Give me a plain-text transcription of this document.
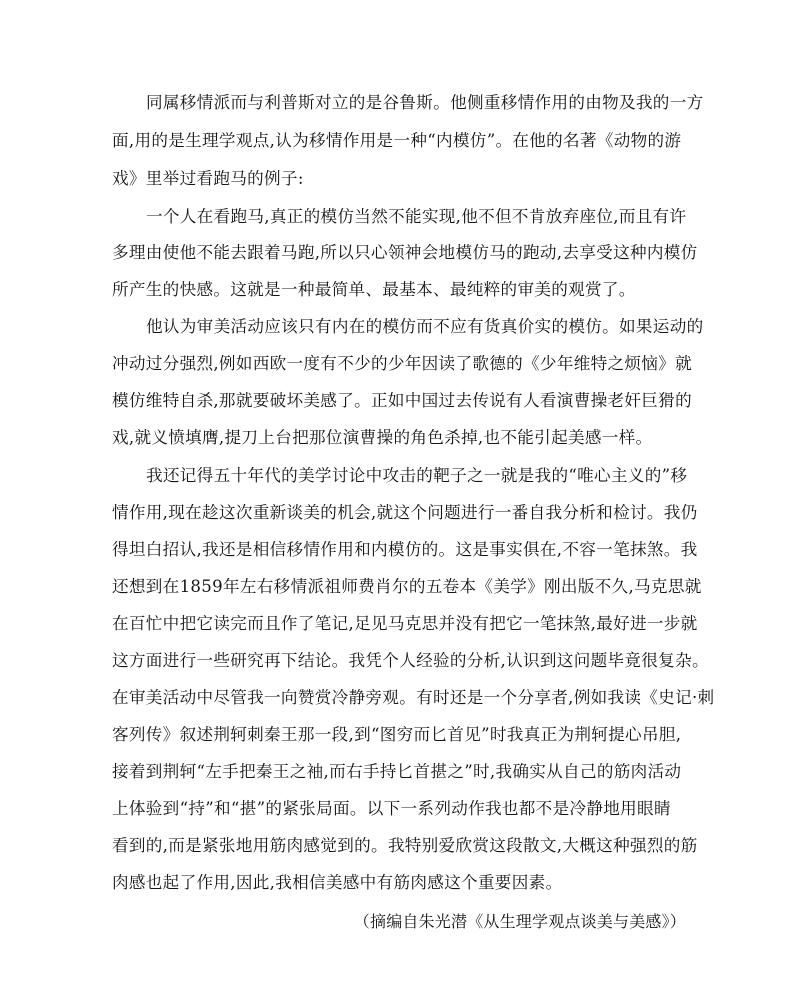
同属移情派而与利普斯对立的是谷鲁斯。他侧重移情作用的由物及我的一方
面,用的是生理学观点,认为移情作用是一种“内模仿”。在他的名著《动物的游
戏》里举过看跑马的例子:
一个人在看跑马,真正的模仿当然不能实现,他不但不肯放弃座位,而且有许
多理由使他不能去跟着马跑,所以只心领神会地模仿马的跑动,去享受这种内模仿
所产生的快感。这就是一种最简单、最基本、最纯粹的审美的观赏了。
他认为审美活动应该只有内在的模仿而不应有货真价实的模仿。如果运动的
冲动过分强烈,例如西欧一度有不少的少年因读了歌德的《少年维特之烦恼》就
模仿维特自杀,那就要破坏美感了。正如中国过去传说有人看演曹操老奸巨猾的
戏,就义愤填膺,提刀上台把那位演曹操的角色杀掉,也不能引起美感一样。
我还记得五十年代的美学讨论中攻击的靶子之一就是我的“唯心主义的”移
情作用,现在趁这次重新谈美的机会,就这个问题进行一番自我分析和检讨。我仍
得坦白招认,我还是相信移情作用和内模仿的。这是事实俱在,不容一笔抹煞。我
还想到在1859年左右移情派祖师费肖尔的五卷本《美学》刚出版不久,马克思就
在百忙中把它读完而且作了笔记,足见马克思并没有把它一笔抹煞,最好进一步就
这方面进行一些研究再下结论。我凭个人经验的分析,认识到这问题毕竟很复杂。
在审美活动中尽管我一向赞赏冷静旁观。有时还是一个分享者,例如我读《史记·刺
客列传》叙述荆轲刺秦王那一段,到“图穷而匕首见”时我真正为荆轲提心吊胆,
接着到荆轲“左手把秦王之袖,而右手持匕首揕之”时,我确实从自己的筋肉活动
上体验到“持”和“揕”的紧张局面。以下一系列动作我也都不是冷静地用眼睛
看到的,而是紧张地用筋肉感觉到的。我特别爱欣赏这段散文,大概这种强烈的筋
肉感也起了作用,因此,我相信美感中有筋肉感这个重要因素。
（摘编自朱光潜《从生理学观点谈美与美感》）
